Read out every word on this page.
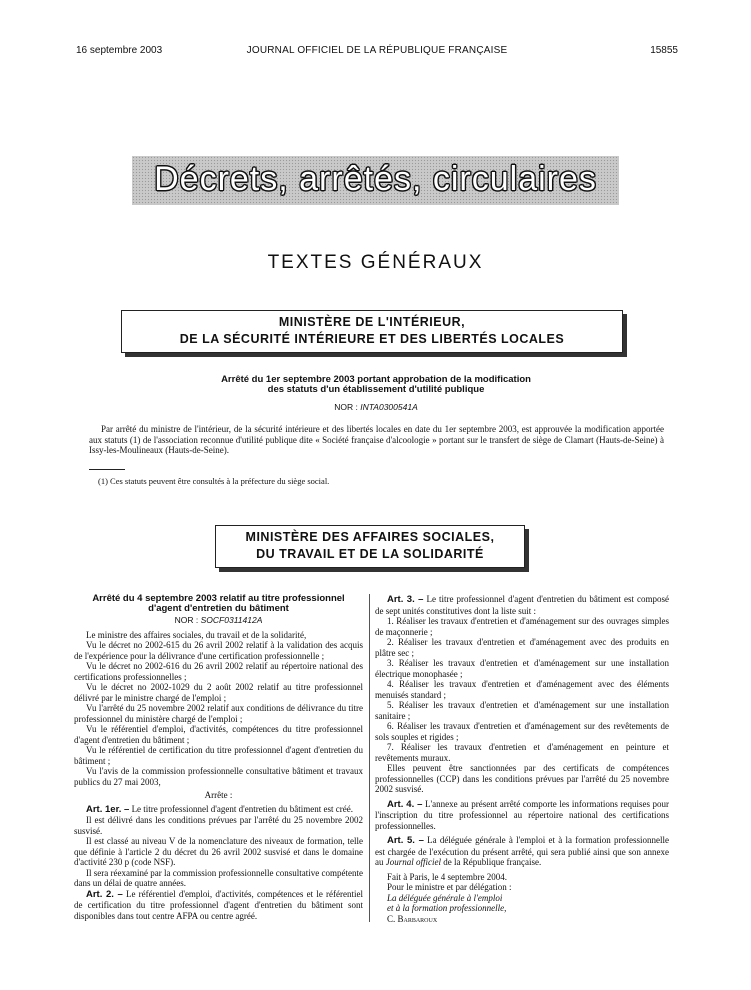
16 septembre 2003	JOURNAL OFFICIEL DE LA RÉPUBLIQUE FRANÇAISE	15855
Décrets, arrêtés, circulaires
TEXTES GÉNÉRAUX
MINISTÈRE DE L'INTÉRIEUR,
DE LA SÉCURITÉ INTÉRIEURE ET DES LIBERTÉS LOCALES
Arrêté du 1er septembre 2003 portant approbation de la modification
des statuts d'un établissement d'utilité publique
NOR : INTA0300541A
Par arrêté du ministre de l'intérieur, de la sécurité intérieure et des libertés locales en date du 1er septembre 2003, est approuvée la modification apportée aux statuts (1) de l'association reconnue d'utilité publique dite « Société française d'alcoologie » portant sur le transfert de siège de Clamart (Hauts-de-Seine) à Issy-les-Moulineaux (Hauts-de-Seine).
(1) Ces statuts peuvent être consultés à la préfecture du siège social.
MINISTÈRE DES AFFAIRES SOCIALES,
DU TRAVAIL ET DE LA SOLIDARITÉ
Arrêté du 4 septembre 2003 relatif au titre professionnel
d'agent d'entretien du bâtiment
NOR : SOCF0311412A

Le ministre des affaires sociales, du travail et de la solidarité,

Vu le décret no 2002-615 du 26 avril 2002 relatif à la validation des acquis de l'expérience pour la délivrance d'une certification professionnelle ;

Vu le décret no 2002-616 du 26 avril 2002 relatif au répertoire national des certifications professionnelles ;

Vu le décret no 2002-1029 du 2 août 2002 relatif au titre professionnel délivré par le ministre chargé de l'emploi ;

Vu l'arrêté du 25 novembre 2002 relatif aux conditions de délivrance du titre professionnel du ministère chargé de l'emploi ;

Vu le référentiel d'emploi, d'activités, compétences du titre professionnel d'agent d'entretien du bâtiment ;

Vu le référentiel de certification du titre professionnel d'agent d'entretien du bâtiment ;

Vu l'avis de la commission professionnelle consultative bâtiment et travaux publics du 27 mai 2003,

Arrête :

Art. 1er. – Le titre professionnel d'agent d'entretien du bâtiment est créé.

Il est délivré dans les conditions prévues par l'arrêté du 25 novembre 2002 susvisé.

Il est classé au niveau V de la nomenclature des niveaux de formation, telle que définie à l'article 2 du décret du 26 avril 2002 susvisé et dans le domaine d'activité 230 p (code NSF).

Il sera réexaminé par la commission professionnelle consultative compétente dans un délai de quatre années.

Art. 2. – Le référentiel d'emploi, d'activités, compétences et le référentiel de certification du titre professionnel d'agent d'entretien du bâtiment sont disponibles dans tout centre AFPA ou centre agréé.

Art. 3. – Le titre professionnel d'agent d'entretien du bâtiment est composé de sept unités constitutives dont la liste suit :

1. Réaliser les travaux d'entretien et d'aménagement sur des ouvrages simples de maçonnerie ;

2. Réaliser les travaux d'entretien et d'aménagement avec des produits en plâtre sec ;

3. Réaliser les travaux d'entretien et d'aménagement sur une installation électrique monophasée ;

4. Réaliser les travaux d'entretien et d'aménagement avec des éléments menuisés standard ;

5. Réaliser les travaux d'entretien et d'aménagement sur une installation sanitaire ;

6. Réaliser les travaux d'entretien et d'aménagement sur des revêtements de sols souples et rigides ;

7. Réaliser les travaux d'entretien et d'aménagement en peinture et revêtements muraux.

Elles peuvent être sanctionnées par des certificats de compétences professionnelles (CCP) dans les conditions prévues par l'arrêté du 25 novembre 2002 susvisé.

Art. 4. – L'annexe au présent arrêté comporte les informations requises pour l'inscription du titre professionnel au répertoire national des certifications professionnelles.

Art. 5. – La déléguée générale à l'emploi et à la formation professionnelle est chargée de l'exécution du présent arrêté, qui sera publié ainsi que son annexe au Journal officiel de la République française.

Fait à Paris, le 4 septembre 2004.

Pour le ministre et par délégation :

La déléguée générale à l'emploi

et à la formation professionnelle,

C. Barbaroux
